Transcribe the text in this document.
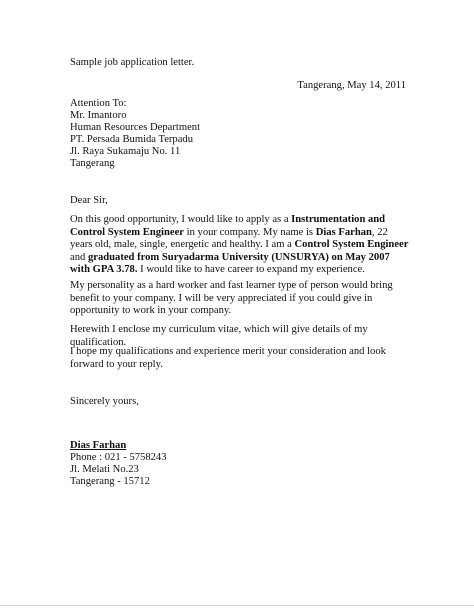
Sample job application letter.
Tangerang, May 14, 2011
Attention To:
Mr. Imantoro
Human Resources Department
PT. Persada Bumida Terpadu
Jl. Raya Sukamaju No. 11
Tangerang
Dear Sir,
On this good opportunity, I would like to apply as a Instrumentation and Control System Engineer in your company. My name is Dias Farhan, 22 years old, male, single, energetic and healthy. I am a Control System Engineer and graduated from Suryadarma University (UNSURYA) on May 2007 with GPA 3.78. I would like to have career to expand my experience.
My personality as a hard worker and fast learner type of person would bring benefit to your company. I will be very appreciated if you could give in opportunity to work in your company.
Herewith I enclose my curriculum vitae, which will give details of my qualification.
I hope my qualifications and experience merit your consideration and look forward to your reply.
Sincerely yours,
Dias Farhan
Phone : 021 - 5758243
Jl. Melati No.23
Tangerang - 15712
